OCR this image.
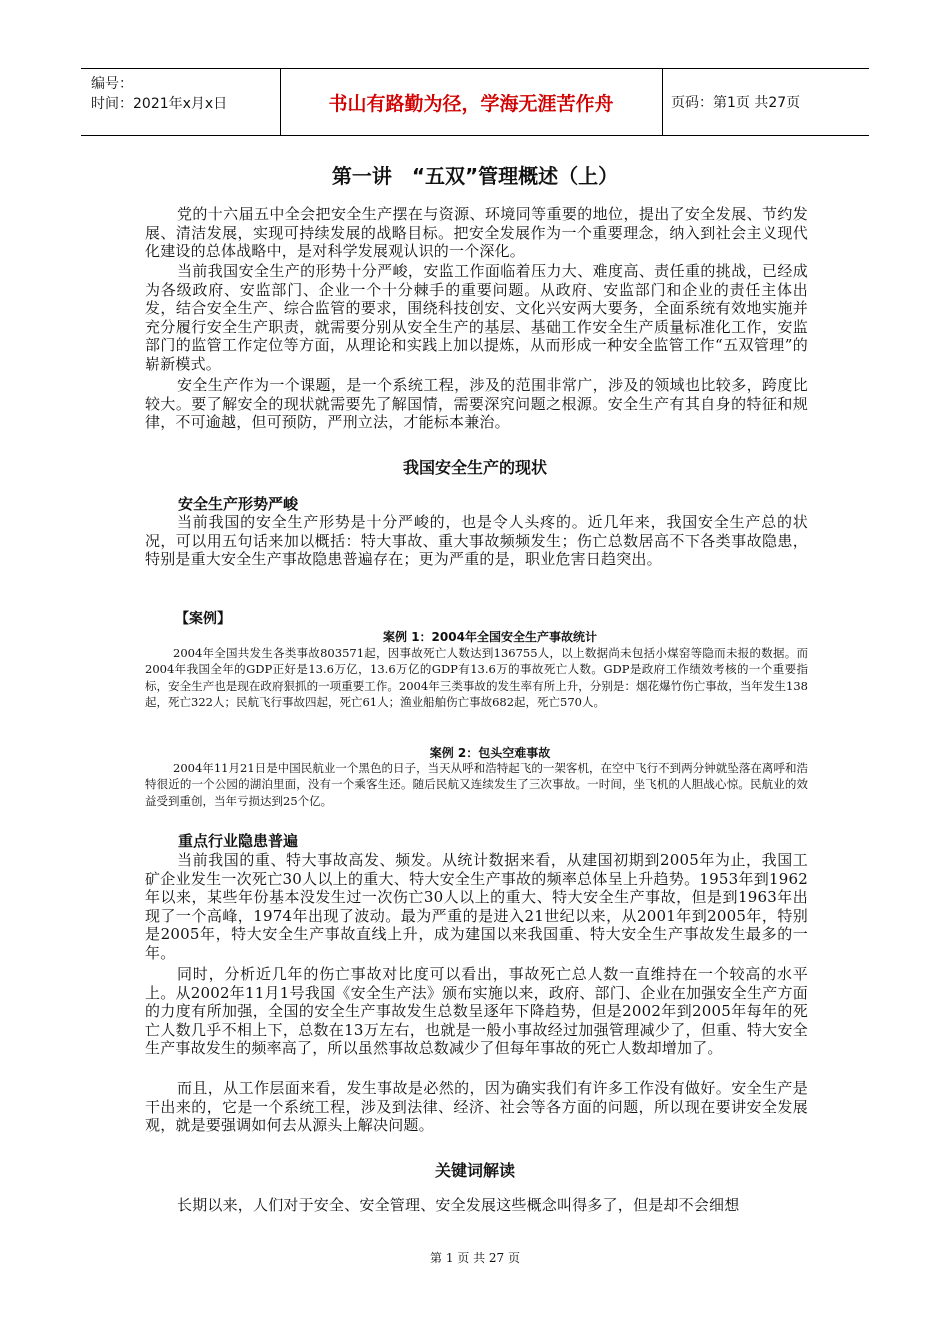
编号：
时间：2021年x月x日	书山有路勤为径，学海无涯苦作舟	页码：第1页 共27页
第一讲　“五双”管理概述（上）

党的十六届五中全会把安全生产摆在与资源、环境同等重要的地位，提出了安全发展、节约发展、清洁发展，实现可持续发展的战略目标。把安全发展作为一个重要理念，纳入到社会主义现代化建设的总体战略中，是对科学发展观认识的一个深化。

当前我国安全生产的形势十分严峻，安监工作面临着压力大、难度高、责任重的挑战，已经成为各级政府、安监部门、企业一个十分棘手的重要问题。从政府、安监部门和企业的责任主体出发，结合安全生产、综合监管的要求，围绕科技创安、文化兴安两大要务，全面系统有效地实施并充分履行安全生产职责，就需要分别从安全生产的基层、基础工作安全生产质量标准化工作，安监部门的监管工作定位等方面，从理论和实践上加以提炼，从而形成一种安全监管工作“五双管理”的崭新模式。

安全生产作为一个课题，是一个系统工程，涉及的范围非常广，涉及的领域也比较多，跨度比较大。要了解安全的现状就需要先了解国情，需要深究问题之根源。安全生产有其自身的特征和规律，不可逾越，但可预防，严刑立法，才能标本兼治。

我国安全生产的现状
安全生产形势严峻

当前我国的安全生产形势是十分严峻的，也是令人头疼的。近几年来，我国安全生产总的状况，可以用五句话来加以概括：特大事故、重大事故频频发生；伤亡总数居高不下各类事故隐患，特别是重大安全生产事故隐患普遍存在；更为严重的是，职业危害日趋突出。

【案例】
案例 1：2004年全国安全生产事故统计

2004年全国共发生各类事故803571起，因事故死亡人数达到136755人，以上数据尚未包括小煤窑等隐而未报的数据。而2004年我国全年的GDP正好是13.6万亿，13.6万亿的GDP有13.6万的事故死亡人数。GDP是政府工作绩效考核的一个重要指标，安全生产也是现在政府狠抓的一项重要工作。2004年三类事故的发生率有所上升，分别是：烟花爆竹伤亡事故，当年发生138起，死亡322人；民航飞行事故四起，死亡61人；渔业船舶伤亡事故682起，死亡570人。

案例 2：包头空难事故

2004年11月21日是中国民航业一个黑色的日子，当天从呼和浩特起飞的一架客机，在空中飞行不到两分钟就坠落在离呼和浩特很近的一个公园的湖泊里面，没有一个乘客生还。随后民航又连续发生了三次事故。一时间，坐飞机的人胆战心惊。民航业的效益受到重创，当年亏损达到25个亿。

重点行业隐患普遍

当前我国的重、特大事故高发、频发。从统计数据来看，从建国初期到2005年为止，我国工矿企业发生一次死亡30人以上的重大、特大安全生产事故的频率总体呈上升趋势。1953年到1962年以来，某些年份基本没发生过一次伤亡30人以上的重大、特大安全生产事故，但是到1963年出现了一个高峰，1974年出现了波动。最为严重的是进入21世纪以来，从2001年到2005年，特别是2005年，特大安全生产事故直线上升，成为建国以来我国重、特大安全生产事故发生最多的一年。

同时，分析近几年的伤亡事故对比度可以看出，事故死亡总人数一直维持在一个较高的水平上。从2002年11月1号我国《安全生产法》颁布实施以来，政府、部门、企业在加强安全生产方面的力度有所加强，全国的安全生产事故发生总数呈逐年下降趋势，但是2002年到2005年每年的死亡人数几乎不相上下，总数在13万左右，也就是一般小事故经过加强管理减少了，但重、特大安全生产事故发生的频率高了，所以虽然事故总数减少了但每年事故的死亡人数却增加了。

而且，从工作层面来看，发生事故是必然的，因为确实我们有许多工作没有做好。安全生产是干出来的，它是一个系统工程，涉及到法律、经济、社会等各方面的问题，所以现在要讲安全发展观，就是要强调如何去从源头上解决问题。

关键词解读

长期以来，人们对于安全、安全管理、安全发展这些概念叫得多了，但是却不会细想

第 1 页 共 27 页
